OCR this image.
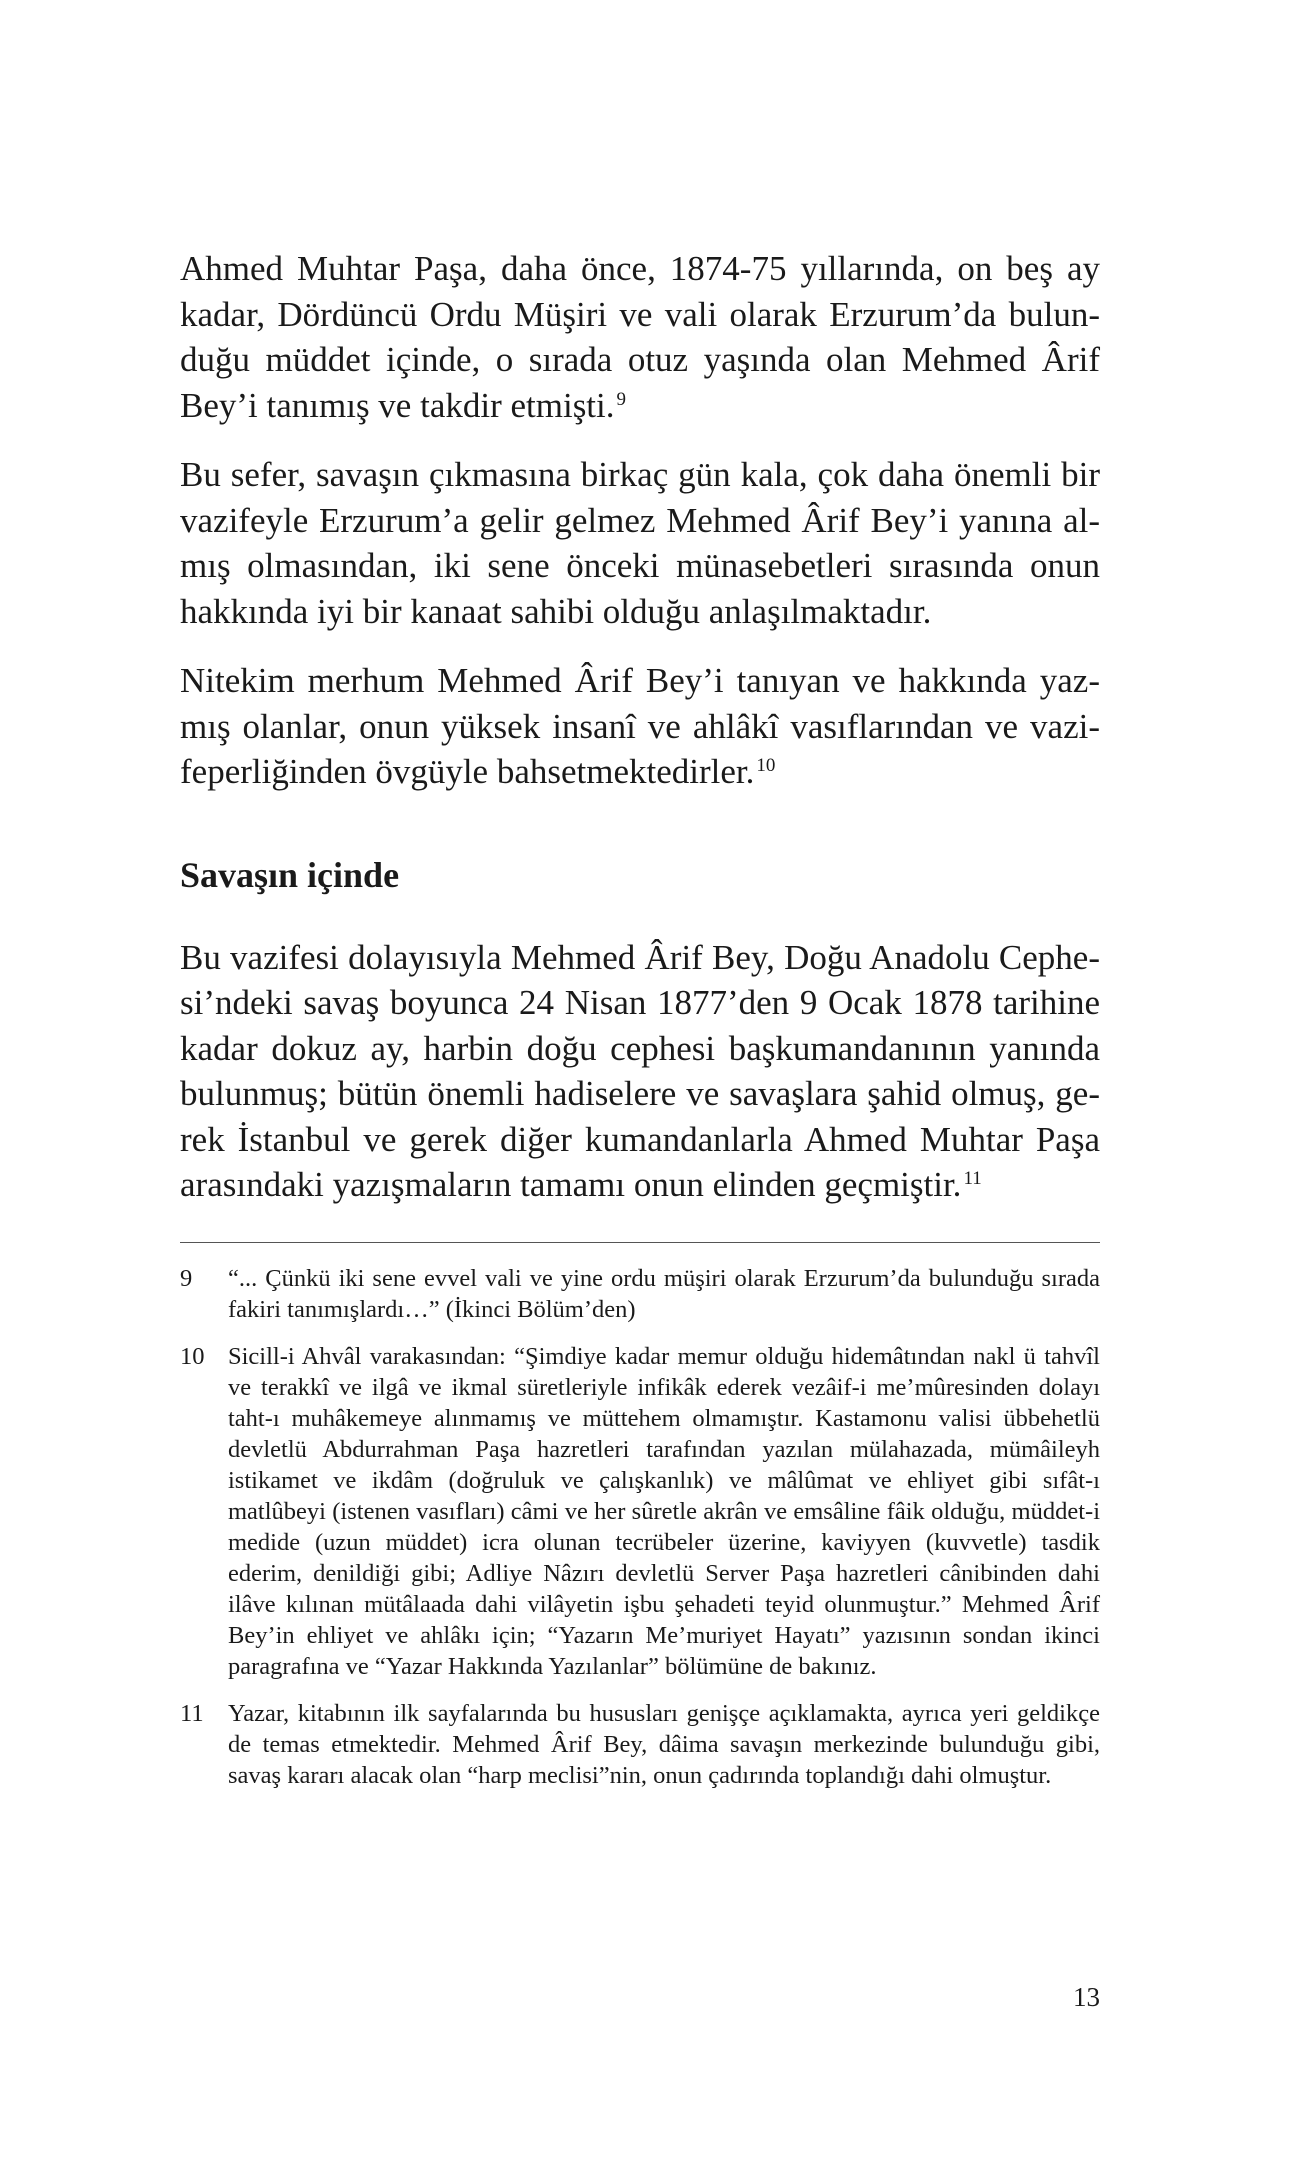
Ahmed Muhtar Paşa, daha önce, 1874-75 yıllarında, on beş ay kadar, Dördüncü Ordu Müşiri ve vali olarak Erzurum’da bulunduğu müddet içinde, o sırada otuz yaşında olan Mehmed Ârif Bey’i tanımış ve takdir etmişti. $^9$

Bu sefer, savaşın çıkmasına birkaç gün kala, çok daha önemli bir vazifeyle Erzurum’a gelir gelmez Mehmed Ârif Bey’i yanına almış olmasından, iki sene önceki münasebetleri sırasında onun hakkında iyi bir kanaat sahibi olduğu anlaşılmaktadır.

Nitekim merhum Mehmed Ârif Bey’i tanıyan ve hakkında yazmış olanlar, onun yüksek insanî ve ahlâkî vasıflarından ve vazifeperliğinden övgüyle bahsetmektedirler. $^{10}$

Savaşın içinde

Bu vazifesi dolayısıyla Mehmed Ârif Bey, Doğu Anadolu Cephesi’ndeki savaş boyunca 24 Nisan 1877’den 9 Ocak 1878 tarihine kadar dokuz ay, harbin doğu cephesi başkumandanının yanında bulunmuş; bütün önemli hadiselere ve savaşlara şahid olmuş, gerek İstanbul ve gerek diğer kumandanlarla Ahmed Muhtar Paşa arasındaki yazışmaların tamamı onun elinden geçmiştir. $^{11}$

9	“... Çünkü iki sene evvel vali ve yine ordu müşiri olarak Erzurum’da bulunduğu sırada fakiri tanımışlardı…” (İkinci Bölüm’den)
10 Sicill-i Ahvâl varakasından: “Şimdiye kadar memur olduğu hidemâtından nakl ü tahvîl ve terakkî ve ilgâ ve ikmal süretleriyle infikâk ederek vezâif-i me’mûresinden dolayı taht-ı muhâkemeye alınmamış ve müttehem olmamıştır. Kastamonu valisi übbehetlü devletlü Abdurrahman Paşa hazretleri tarafından yazılan mülahazada, mümâileyh istikamet ve ikdâm (doğruluk ve çalışkanlık) ve mâlûmat ve ehliyet gibi sıfât-ı matlûbeyi (istenen vasıfları) câmi ve her sûretle akrân ve emsâline fâik olduğu, müddet-i medide (uzun müddet) icra olunan tecrübeler üzerine, kaviyyen (kuvvetle) tasdik ederim, denildiği gibi; Adliye Nâzırı devletlü Server Paşa hazretleri cânibinden dahi ilâve kılınan mütâlaada dahi vilâyetin işbu şehadeti teyid olunmuştur.” Mehmed Ârif Bey’in ehliyet ve ahlâkı için; “Yazarın Me’muriyet Hayatı” yazısının sondan ikinci paragrafına ve “Yazar Hakkında Yazılanlar” bölümüne de bakınız.
11 Yazar, kitabının ilk sayfalarında bu hususları genişçe açıklamakta, ayrıca yeri geldikçe de temas etmektedir. Mehmed Ârif Bey, dâima savaşın merkezinde bulunduğu gibi, savaş kararı alacak olan “harp meclisi”nin, onun çadırında toplandığı dahi olmuştur.
13
